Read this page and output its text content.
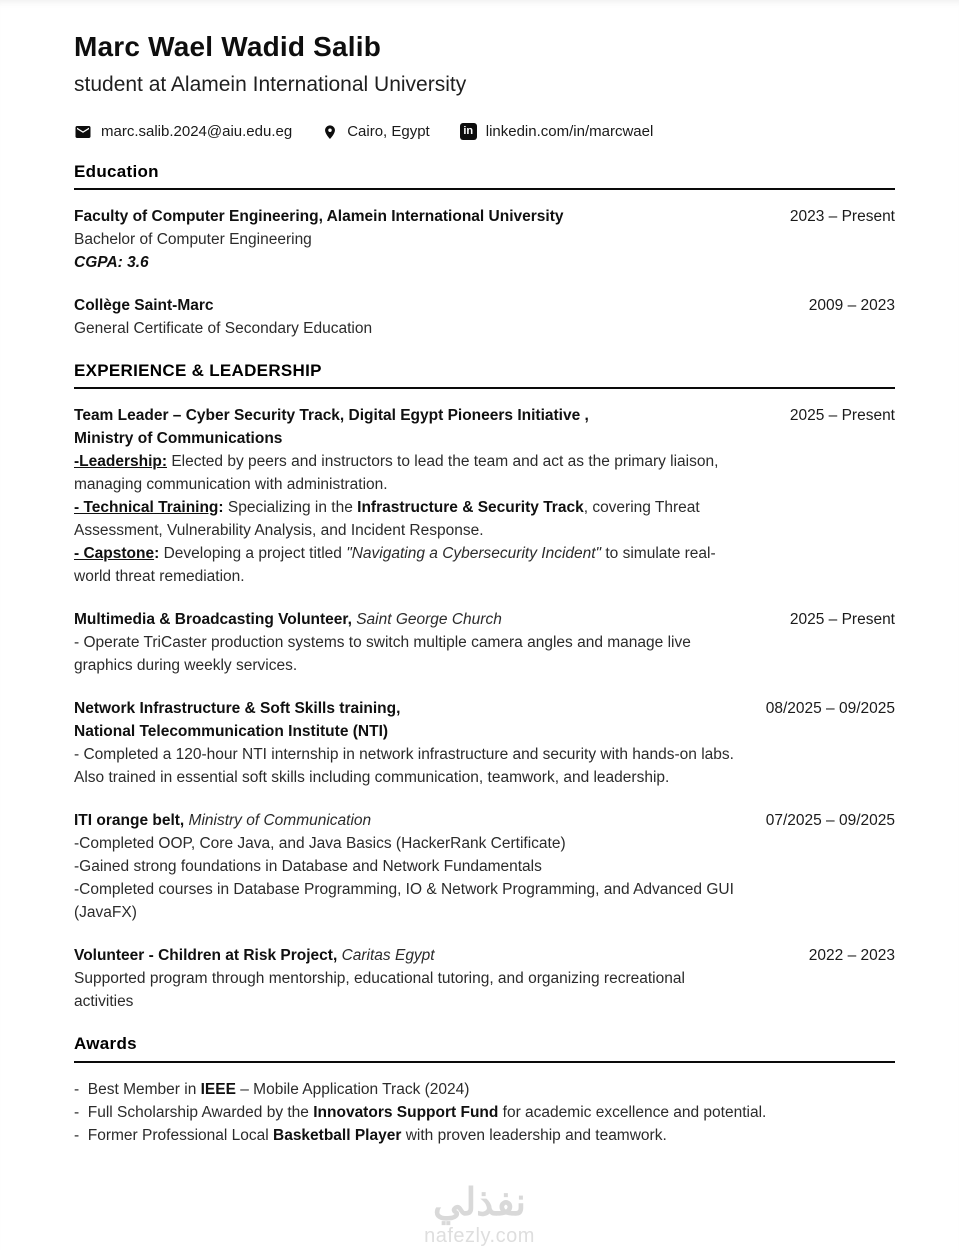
Marc Wael Wadid Salib

student at Alamein International University

marc.salib.2024@aiu.edu.eg	Cairo, Egypt	in linkedin.com/in/marcwael
Education
Faculty of Computer Engineering, Alamein International University

Bachelor of Computer Engineering

CGPA: 3.6

2023 – Present
Collège Saint-Marc

General Certificate of Secondary Education

2009 – 2023
EXPERIENCE & LEADERSHIP
Team Leader – Cyber Security Track, Digital Egypt Pioneers Initiative ,
Ministry of Communications

-Leadership: Elected by peers and instructors to lead the team and act as the primary liaison, managing communication with administration.

- Technical Training: Specializing in the Infrastructure & Security Track, covering Threat Assessment, Vulnerability Analysis, and Incident Response.

- Capstone: Developing a project titled "Navigating a Cybersecurity Incident" to simulate real-world threat remediation.

2025 – Present
Multimedia & Broadcasting Volunteer, Saint George Church

- Operate TriCaster production systems to switch multiple camera angles and manage live graphics during weekly services.

2025 – Present
Network Infrastructure & Soft Skills training,
National Telecommunication Institute (NTI)

- Completed a 120-hour NTI internship in network infrastructure and security with hands-on labs. Also trained in essential soft skills including communication, teamwork, and leadership.

08/2025 – 09/2025
ITI orange belt, Ministry of Communication

-Completed OOP, Core Java, and Java Basics (HackerRank Certificate)

-Gained strong foundations in Database and Network Fundamentals

-Completed courses in Database Programming, IO & Network Programming, and Advanced GUI (JavaFX)

07/2025 – 09/2025
Volunteer - Children at Risk Project, Caritas Egypt

Supported program through mentorship, educational tutoring, and organizing recreational activities

2022 – 2023
Awards

-  Best Member in IEEE – Mobile Application Track (2024)

-  Full Scholarship Awarded by the Innovators Support Fund for academic excellence and potential.

-  Former Professional Local Basketball Player with proven leadership and teamwork.

نفذلي
nafezly.com
